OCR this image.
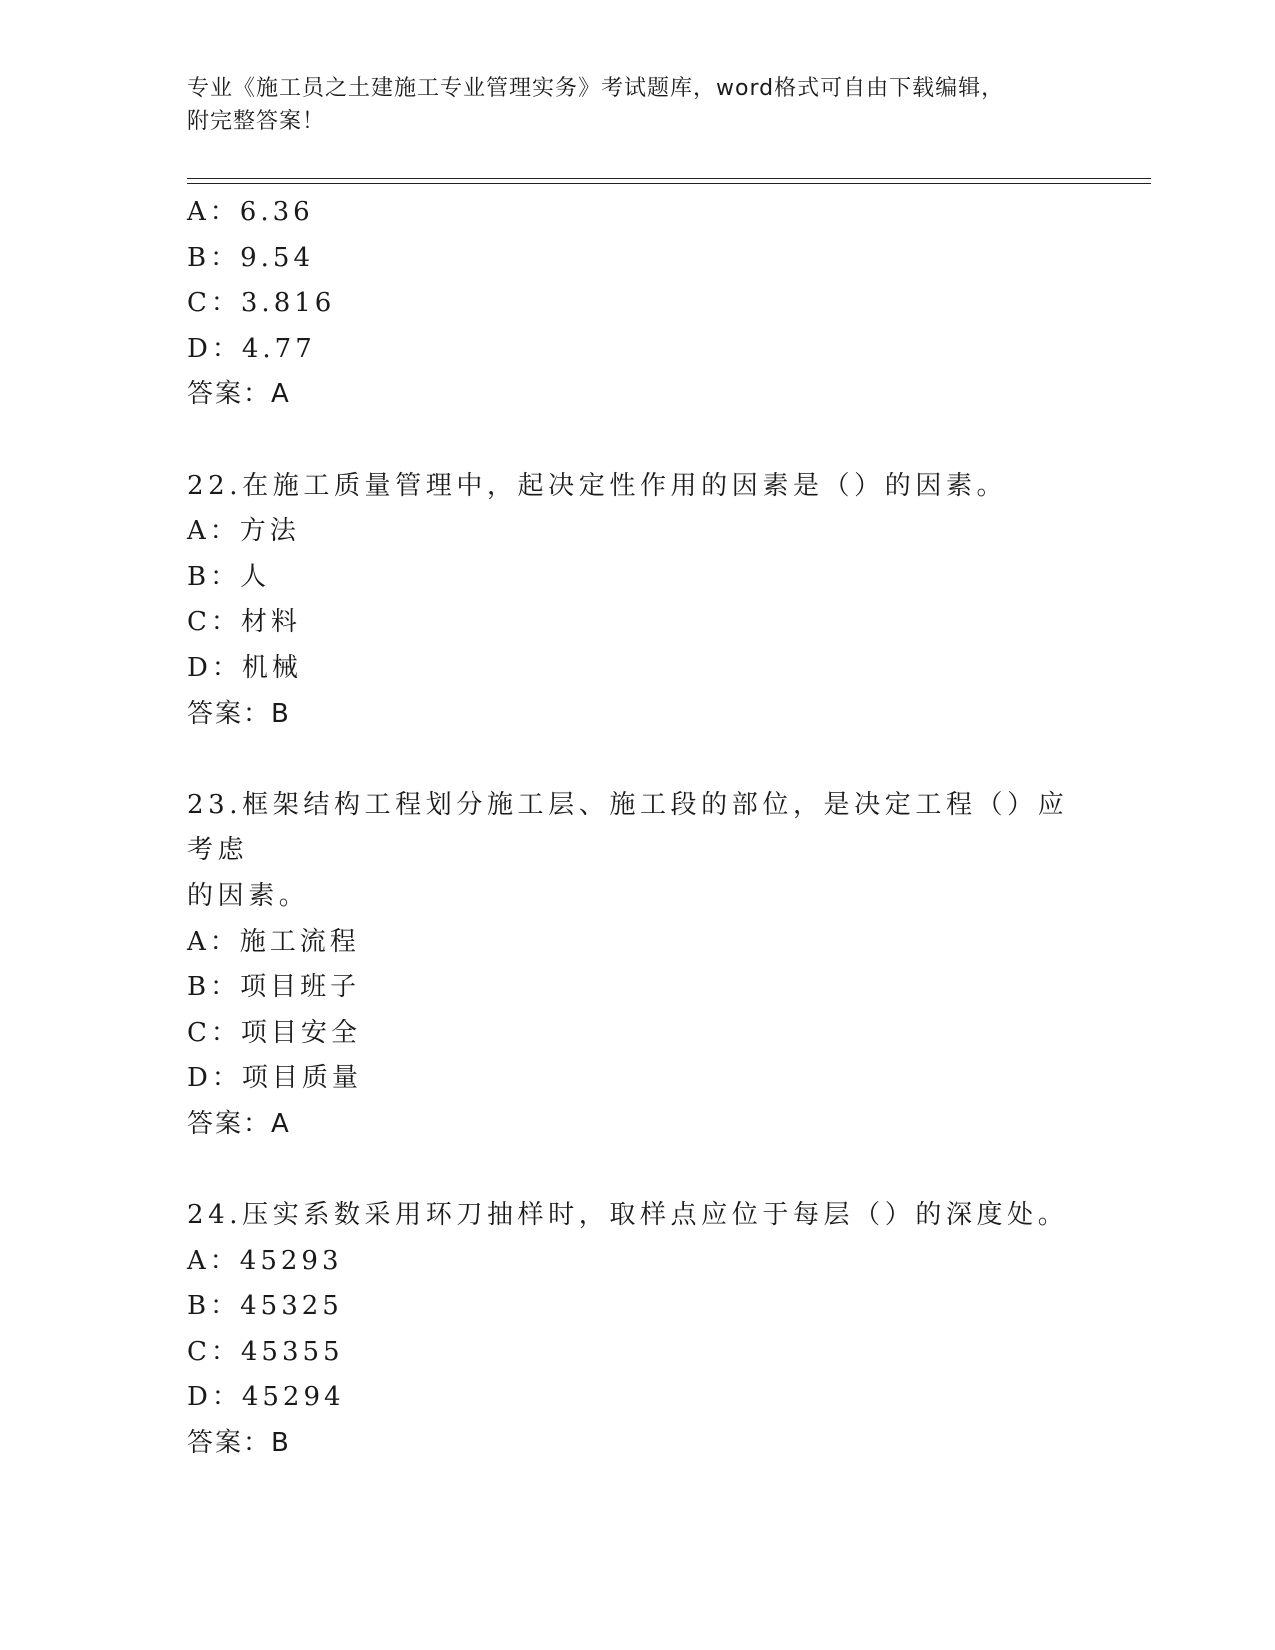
专业《施工员之土建施工专业管理实务》考试题库，word格式可自由下载编辑，
附完整答案！
A：6.36
B：9.54
C：3.816
D：4.77
答案：A
22.在施工质量管理中，起决定性作用的因素是（）的因素。
A：方法
B：人
C：材料
D：机械
答案：B
23.框架结构工程划分施工层、施工段的部位，是决定工程（）应考虑
的因素。
A：施工流程
B：项目班子
C：项目安全
D：项目质量
答案：A
24.压实系数采用环刀抽样时，取样点应位于每层（）的深度处。
A：45293
B：45325
C：45355
D：45294
答案：B
